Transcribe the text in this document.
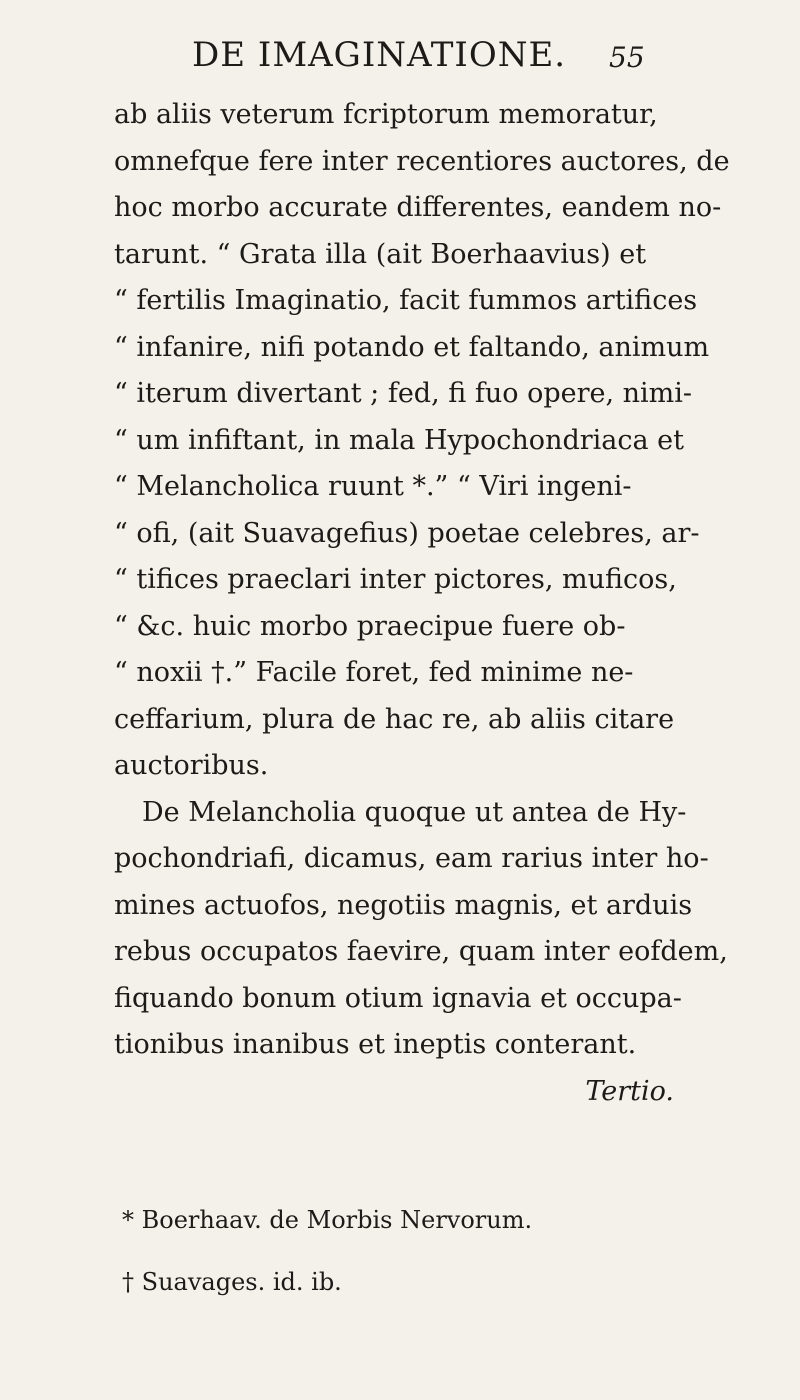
DE IMAGINATIONE. 55
ab aliis veterum fcriptorum memoratur,
omnefque fere inter recentiores auctores, de
hoc morbo accurate differentes, eandem no-
tarunt. “ Grata illa (ait Boerhaavius) et
“ fertilis Imaginatio, facit fummos artifices
“ infanire, nifi potando et faltando, animum
“ iterum divertant ; fed, fi fuo opere, nimi-
“ um infiftant, in mala Hypochondriaca et
“ Melancholica ruunt *.” “ Viri ingeni-
“ ofi, (ait Suavagefius) poetae celebres, ar-
“ tifices praeclari inter pictores, muficos,
“ &c. huic morbo praecipue fuere ob-
“ noxii †.” Facile foret, fed minime ne-
ceffarium, plura de hac re, ab aliis citare
auctoribus.
De Melancholia quoque ut antea de Hy-
pochondriafi, dicamus, eam rarius inter ho-
mines actuofos, negotiis magnis, et arduis
rebus occupatos faevire, quam inter eofdem,
fiquando bonum otium ignavia et occupa-
tionibus inanibus et ineptis conterant.
Tertio.
* Boerhaav. de Morbis Nervorum.
† Suavages. id. ib.
